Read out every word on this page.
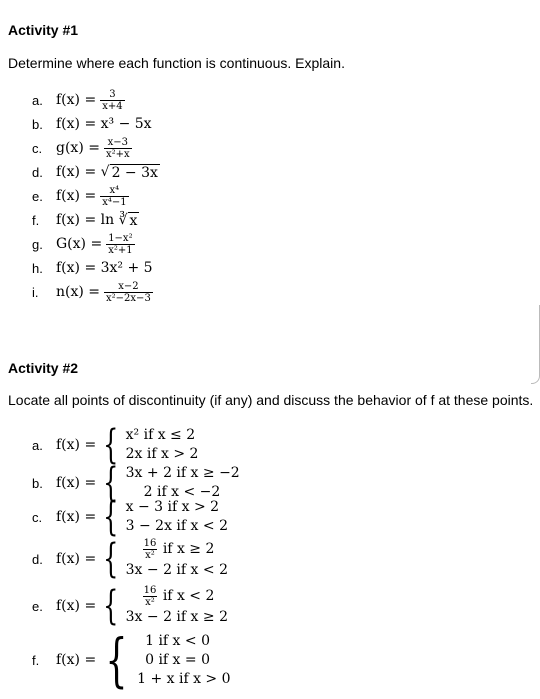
Activity #1
Determine where each function is continuous. Explain.
a. $f(x) = \frac{3}{x+4}$
b. f(x) = x³ − 5x
c. $g(x) = \frac{x-3}{\text{x²+x}}$
d. f(x) = √ 2 − 3x
e. $f(x) = \frac{\text{x⁴}}{\text{x⁴−1}}$
f.	f(x) = ln ∛ x
g. $G(x) = \frac{\text{1−x²}}{\text{x²+1}}$
h. f(x) = 3x² + 5
i.	$n(x) = \frac{x-2}{\text{x²−2x−3}}$
Activity #2
Locate all points of discontinuity (if any) and discuss the behavior of f at these points.
a. f(x) = { x² if x ≤ 2
2x if x > 2
b. f(x) = { 3x + 2 if x ≥ −2
2 if x < −2
c. f(x) = { x − 3 if x > 2
3 − 2x if x < 2
d. f(x) = { $\frac{16}{\text{x²}}$
if x ≥ 2
3x − 2 if x < 2
e. f(x) = { $\frac{16}{\text{x²}}$
if x < 2
3x − 2 if x ≥ 2
f.	f(x) = {	1 if x < 0
0 if x = 0
1 + x if x > 0
